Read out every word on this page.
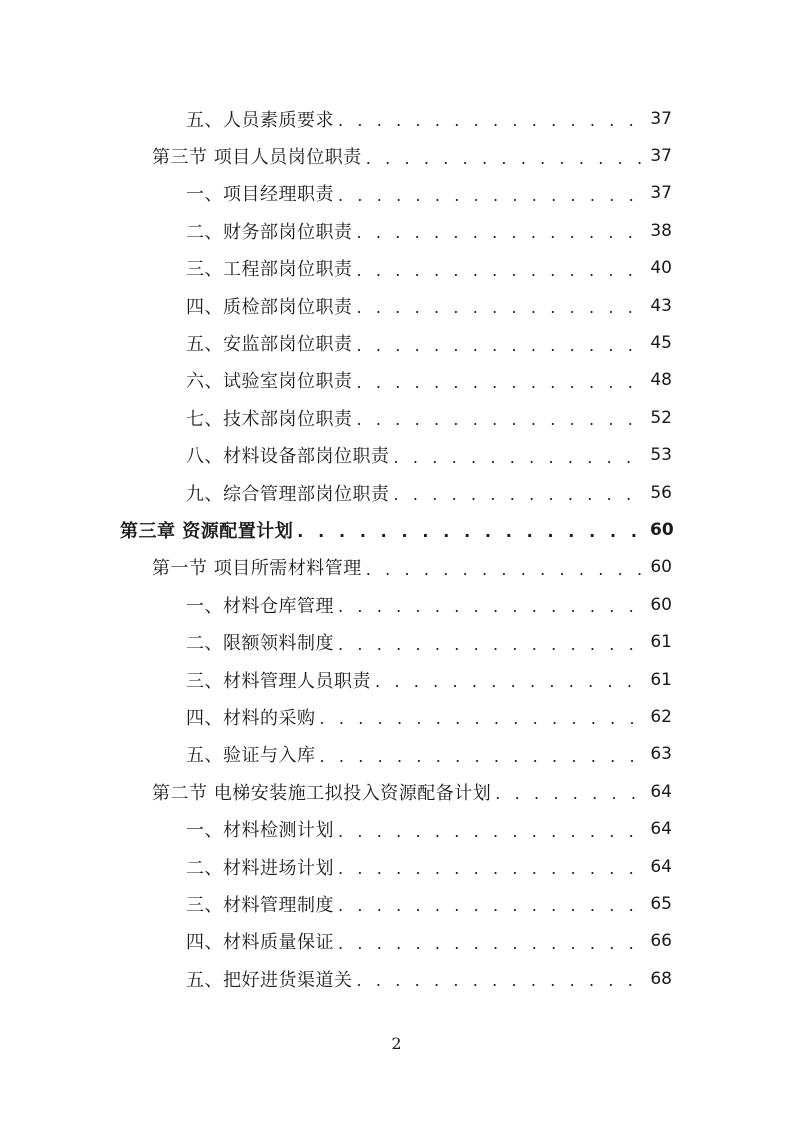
五、人员素质要求 . . .	37
第三节 项目人员岗位职责 . . .	37
一、项目经理职责 . . .	37
二、财务部岗位职责 . . .	38
三、工程部岗位职责 . . .	40
四、质检部岗位职责 . . .	43
五、安监部岗位职责 . . .	45
六、试验室岗位职责 . . .	48
七、技术部岗位职责 . . .	52
八、材料设备部岗位职责 . . .	53
九、综合管理部岗位职责 . . .	56
第三章 资源配置计划 . . .	60
第一节 项目所需材料管理 . . .	60
一、材料仓库管理 . . .	60
二、限额领料制度 . . .	61
三、材料管理人员职责 . . .	61
四、材料的采购 . . .	62
五、验证与入库 . . .	63
第二节 电梯安装施工拟投入资源配备计划 . . .	64
一、材料检测计划 . . .	64
二、材料进场计划 . . .	64
三、材料管理制度 . . .	65
四、材料质量保证 . . .	66
五、把好进货渠道关 . . .	68
2
